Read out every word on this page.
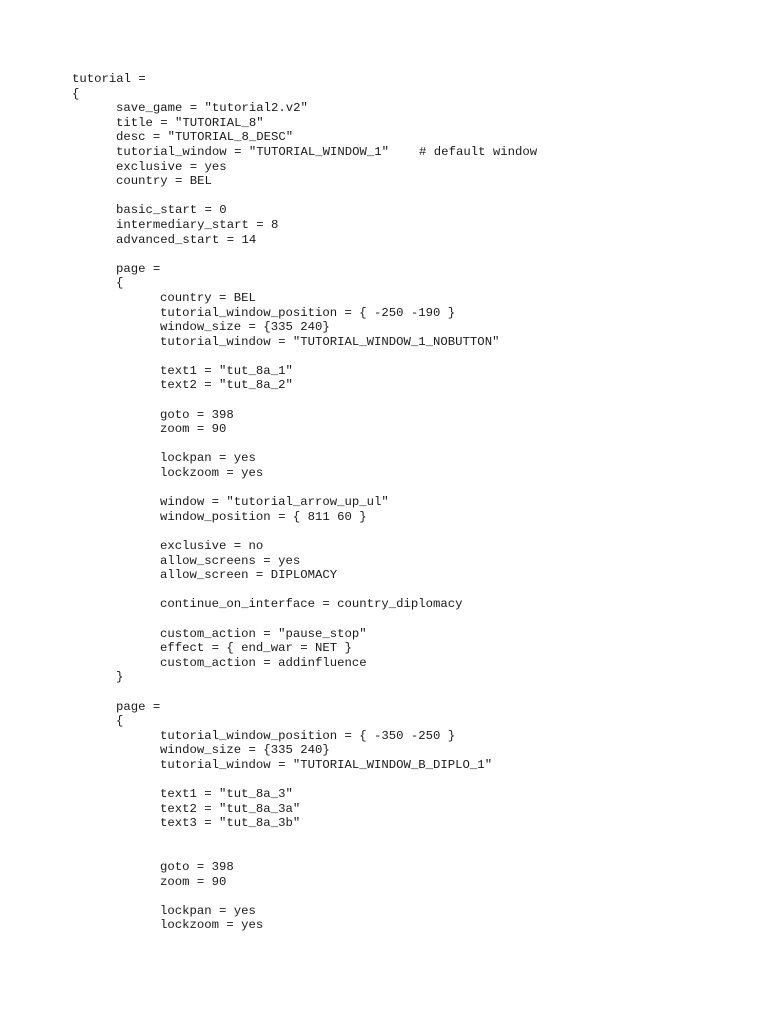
tutorial =
{
save_game = "tutorial2.v2"
title = "TUTORIAL_8"
desc = "TUTORIAL_8_DESC"
tutorial_window = "TUTORIAL_WINDOW_1" # default window
exclusive = yes
country = BEL
basic_start = 0
intermediary_start = 8
advanced_start = 14
page =
{
country = BEL
tutorial_window_position = { -250 -190 }
window_size = {335 240}
tutorial_window = "TUTORIAL_WINDOW_1_NOBUTTON"
text1 = "tut_8a_1"
text2 = "tut_8a_2"
goto = 398
zoom = 90
lockpan = yes
lockzoom = yes
window = "tutorial_arrow_up_ul"
window_position = { 811 60 }
exclusive = no
allow_screens = yes
allow_screen = DIPLOMACY
continue_on_interface = country_diplomacy
custom_action = "pause_stop"
effect = { end_war = NET }
custom_action = addinfluence
}
page =
{
tutorial_window_position = { -350 -250 }
window_size = {335 240}
tutorial_window = "TUTORIAL_WINDOW_B_DIPLO_1"
text1 = "tut_8a_3"
text2 = "tut_8a_3a"
text3 = "tut_8a_3b"
goto = 398
zoom = 90
lockpan = yes
lockzoom = yes
